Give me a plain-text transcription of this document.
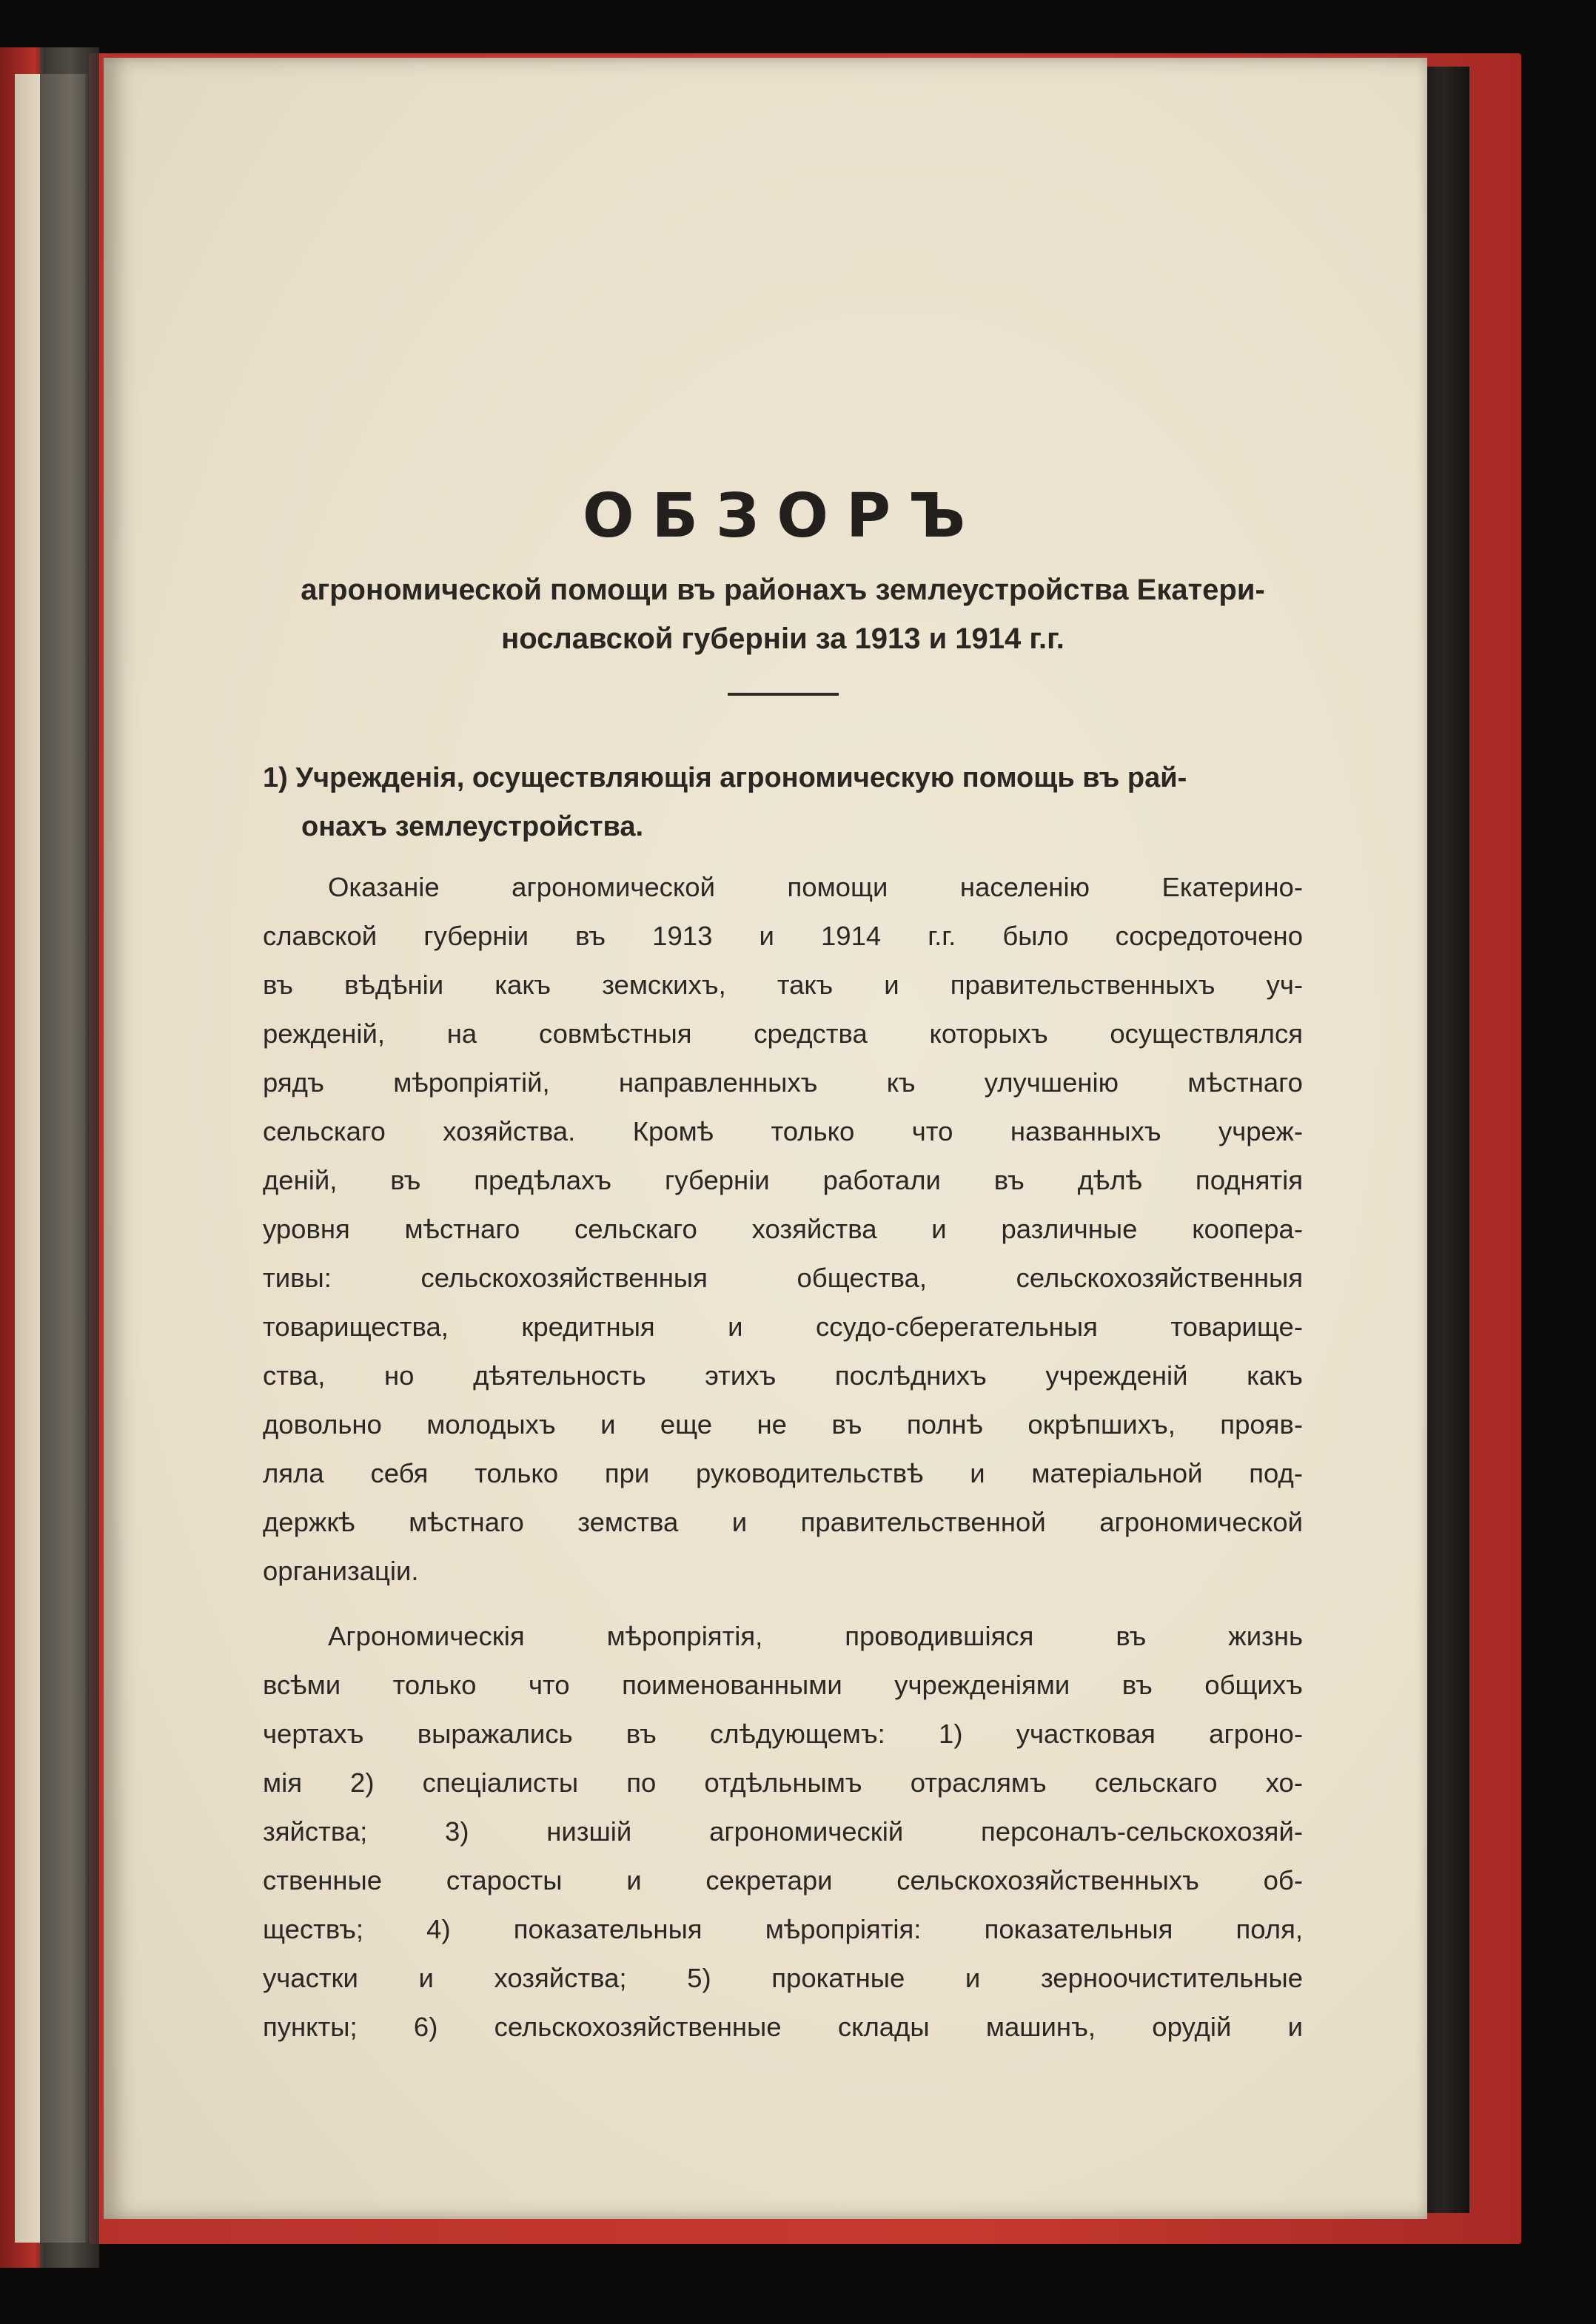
ОБЗОРЪ
агрономической помощи въ районахъ землеустройства Екатери-
нославской губерніи за 1913 и 1914 г.г.
1) Учрежденія, осуществляющія агрономическую помощь въ рай-
онахъ землеустройства.
Оказаніе агрономической помощи населенію Екатерино-
славской губерніи въ 1913 и 1914 г.г. было сосредоточено
въ вѣдѣніи какъ земскихъ, такъ и правительственныхъ уч-
режденій, на совмѣстныя средства которыхъ осуществлялся
рядъ мѣропріятій, направленныхъ къ улучшенію мѣстнаго
сельскаго хозяйства. Кромѣ только что названныхъ учреж-
деній, въ предѣлахъ губерніи работали въ дѣлѣ поднятія
уровня мѣстнаго сельскаго хозяйства и различные коопера-
тивы: сельскохозяйственныя общества, сельскохозяйственныя
товарищества, кредитныя и ссудо-сберегательныя товарище-
ства, но дѣятельность этихъ послѣднихъ учрежденій какъ
довольно молодыхъ и еще не въ полнѣ окрѣпшихъ, прояв-
ляла себя только при руководительствѣ и матеріальной под-
держкѣ мѣстнаго земства и правительственной агрономической
организаціи.
Агрономическія мѣропріятія, проводившіяся въ жизнь
всѣми только что поименованными учрежденіями въ общихъ
чертахъ выражались въ слѣдующемъ: 1) участковая агроно-
мія 2) спеціалисты по отдѣльнымъ отраслямъ сельскаго хо-
зяйства; 3) низшій агрономическій персоналъ-сельскохозяй-
ственные старосты и секретари сельскохозяйственныхъ об-
ществъ; 4) показательныя мѣропріятія: показательныя поля,
участки и хозяйства; 5) прокатные и зерноочистительные
пункты; 6) сельскохозяйственные склады машинъ, орудій и
